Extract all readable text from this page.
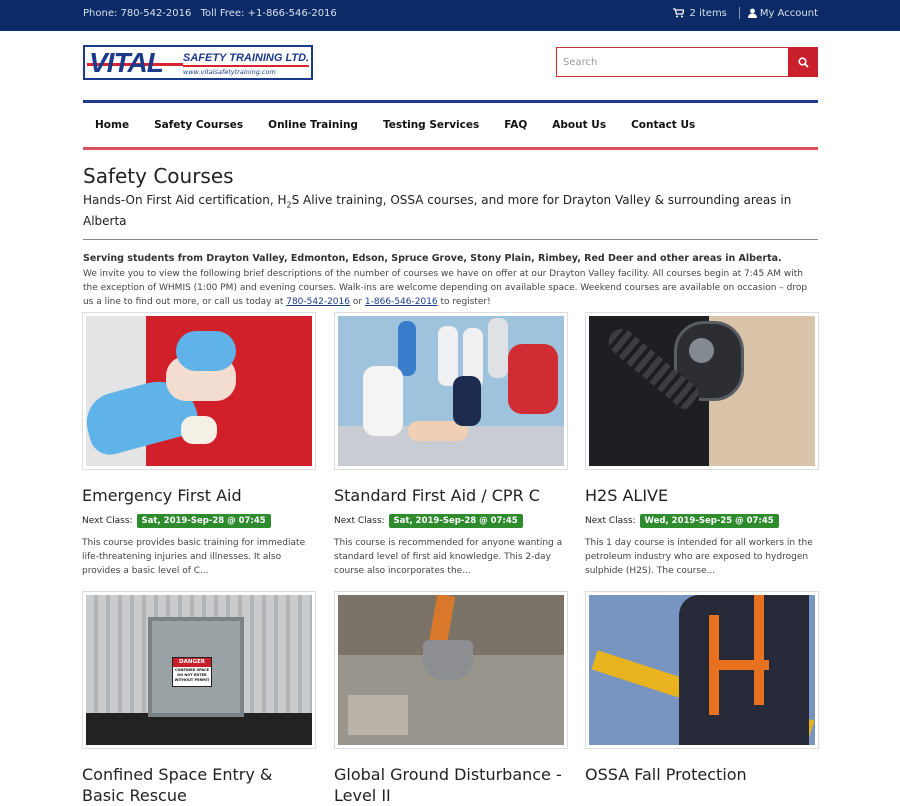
Phone: 780-542-2016 Toll Free: +1-866-546-2016	2 items	My Account
VITAL SAFETY TRAINING LTD.
www.vitalsafetytraining.com
Search
Home Safety Courses Online Training Testing Services FAQ About Us Contact Us
Safety Courses
Hands-On First Aid certification, $H_2S$ Alive training, OSSA courses, and more for Drayton Valley & surrounding areas in Alberta
Serving students from Drayton Valley, Edmonton, Edson, Spruce Grove, Stony Plain, Rimbey, Red Deer and other areas in Alberta.
We invite you to view the following brief descriptions of the number of courses we have on offer at our Drayton Valley facility. All courses begin at 7:45 AM with the exception of WHMIS (1:00 PM) and evening courses. Walk-ins are welcome depending on available space. Weekend courses are available on occasion – drop us a line to find out more, or call us today at 780-542-2016 or 1-866-546-2016 to register!
Emergency First Aid
Next Class:	Sat, 2019-Sep-28 @ 07:45
This course provides basic training for immediate life-threatening injuries and illnesses. It also provides a basic level of C...
Standard First Aid / CPR C
Next Class:	Sat, 2019-Sep-28 @ 07:45
This course is recommended for anyone wanting a standard level of first aid knowledge. This 2-day course also incorporates the...
H2S ALIVE
Next Class:	Wed, 2019-Sep-25 @ 07:45
This 1 day course is intended for all workers in the petroleum industry who are exposed to hydrogen sulphide (H2S). The course...
DANGER
CONFINED SPACE DO NOT ENTER WITHOUT PERMIT
Confined Space Entry & Basic Rescue
Global Ground Disturbance - Level II
OSSA Fall Protection
